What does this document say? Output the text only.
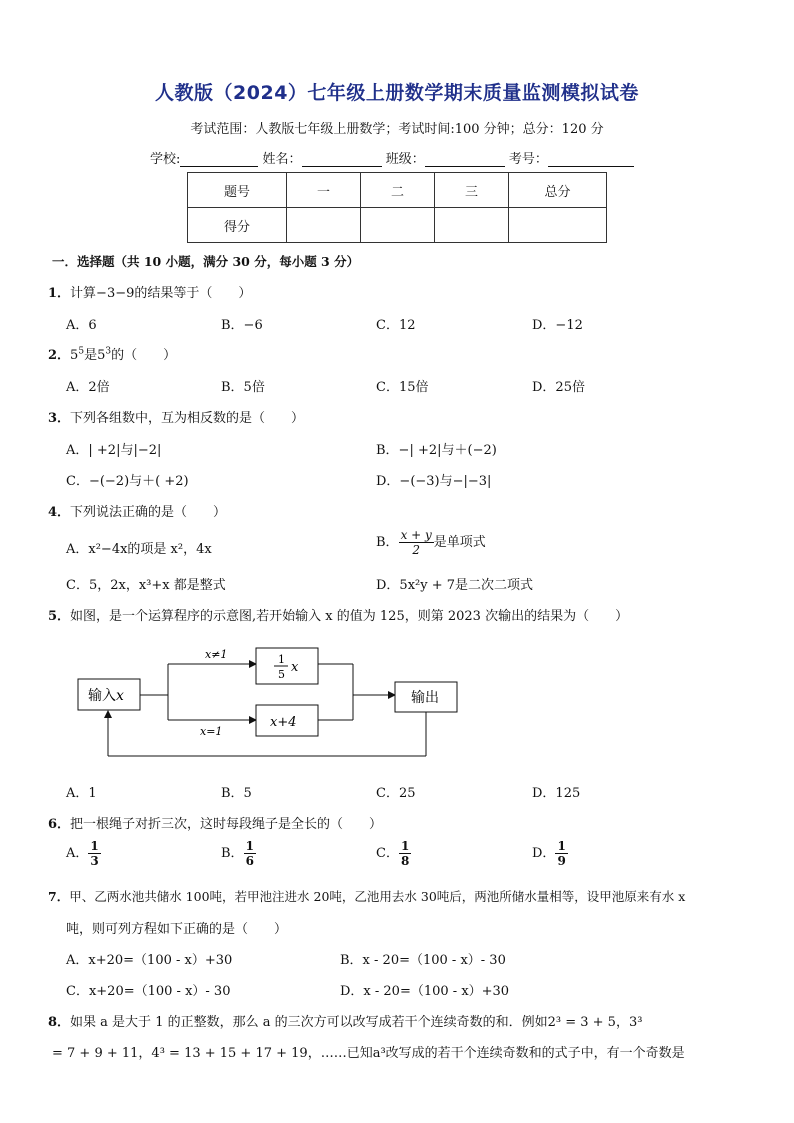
人教版（2024）七年级上册数学期末质量监测模拟试卷
考试范围：人教版七年级上册数学；考试时间:100 分钟；总分：120 分
学校:	姓名：	班级：	考号：
题号	一	二	三	总分
得分				
一．选择题（共 10 小题，满分 30 分，每小题 3 分）
1．计算−3−9的结果等于（　　）
A．6	B．−6	C．12	D．−12
2．$5^5$是$5^3$的（　　）
A．2倍	B．5倍	C．15倍	D．25倍
3．下列各组数中，互为相反数的是（　　）
A．| +2|与|−2|	B．−| +2|与＋(−2)
C．−(−2)与＋( +2)	D．−(−3)与−|−3|
4．下列说法正确的是（　　）
A．x²−4x的项是 x²，4x	B． $\frac{x + y}{2}$ 是单项式
C．5，2x，x³+x 都是整式	D．5x²y + 7是二次二项式
5．如图，是一个运算程序的示意图,若开始输入 x 的值为 125，则第 2023 次输出的结果为（　　）
输入x
x≠1
x=1
1
5 x
x+4
输出
A．1	B．5	C．25	D．125
6．把一根绳子对折三次，这时每段绳子是全长的（　　）
A． $\frac{1}{3}$	B． $\frac{1}{6}$	C． $\frac{1}{8}$	D． $\frac{1}{9}$
7．甲、乙两水池共储水 100吨，若甲池注进水 20吨，乙池用去水 30吨后，两池所储水量相等，设甲池原来有水 x
吨，则可列方程如下正确的是（　　）
A．x+20=（100 - x）+30	B．x - 20=（100 - x）- 30
C．x+20=（100 - x）- 30	D．x - 20=（100 - x）+30
8．如果 a 是大于 1 的正整数，那么 a 的三次方可以改写成若干个连续奇数的和．例如2³ = 3 + 5，3³
= 7 + 9 + 11，4³ = 13 + 15 + 17 + 19，……已知a³改写成的若干个连续奇数和的式子中，有一个奇数是
